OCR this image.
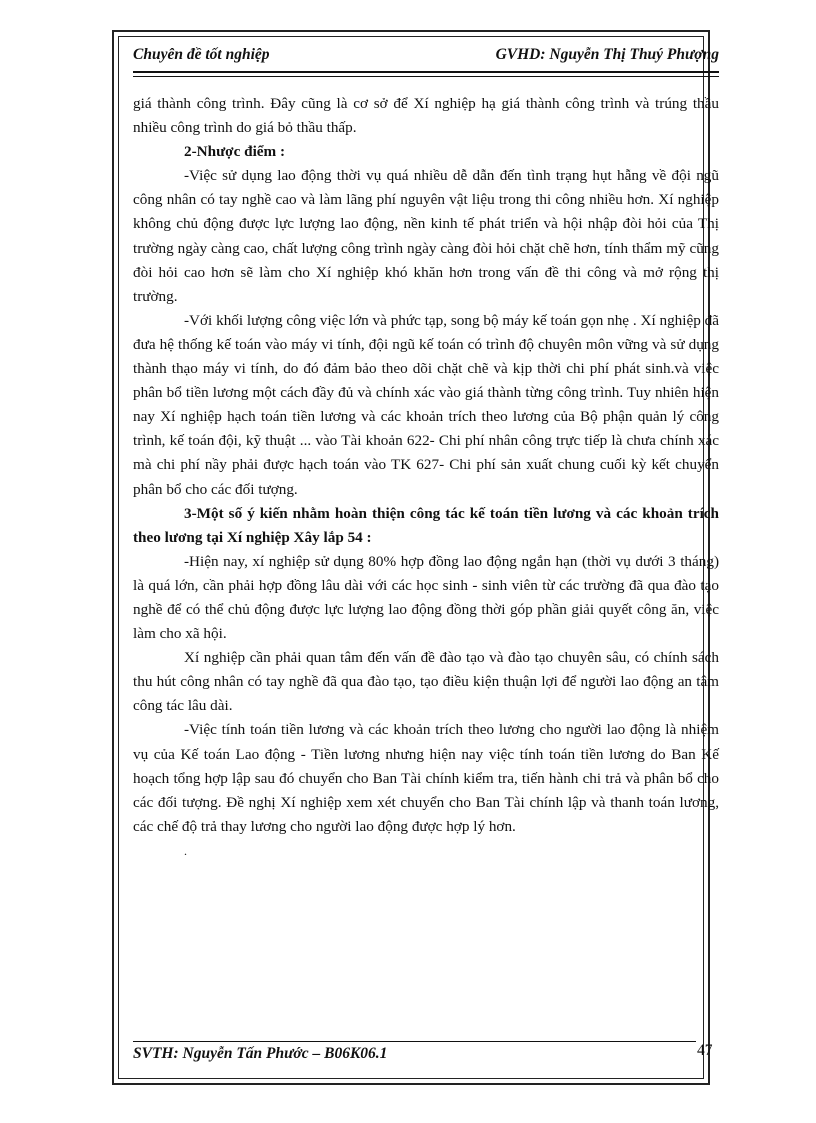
Chuyên đề tốt nghiệp	GVHD: Nguyễn Thị Thuý Phượng

giá thành công trình. Đây cũng là cơ sở để Xí nghiệp hạ giá thành công trình và trúng thầu nhiều công trình do giá bỏ thầu thấp.

2-Nhược điểm :

-Việc sử dụng lao động thời vụ quá nhiều dễ dẫn đến tình trạng hụt hẫng về đội ngũ công nhân có tay nghề cao và làm lãng phí nguyên vật liệu trong thi công nhiều hơn. Xí nghiệp không chủ động được lực lượng lao động, nền kinh tế phát triển và hội nhập đòi hỏi của Thị trường ngày càng cao, chất lượng công trình ngày càng đòi hỏi chặt chẽ hơn, tính thẩm mỹ cũng đòi hỏi cao hơn sẽ làm cho Xí nghiệp khó khăn hơn trong vấn đề thi công và mở rộng thị trường.

-Với khối lượng công việc lớn và phức tạp, song bộ máy kế toán gọn nhẹ . Xí nghiệp đã đưa hệ thống kế toán vào máy vi tính, đội ngũ kế toán có trình độ chuyên môn vững và sử dụng thành thạo máy vi tính, do đó đảm bảo theo dõi chặt chẽ và kịp thời chi phí phát sinh.và việc phân bổ tiền lương một cách đầy đủ và chính xác vào giá thành từng công trình. Tuy nhiên hiện nay Xí nghiệp hạch toán tiền lương và các khoản trích theo lương của Bộ phận quản lý công trình, kế toán đội, kỹ thuật ... vào Tài khoản 622- Chi phí nhân công trực tiếp là chưa chính xác mà chi phí nầy phải được hạch toán vào TK 627- Chi phí sản xuất chung cuối kỳ kết chuyển phân bổ cho các đối tượng.

3-Một số ý kiến nhằm hoàn thiện công tác kế toán tiền lương và các khoản trích theo lương tại Xí nghiệp Xây lắp 54 :

-Hiện nay, xí nghiệp sử dụng 80% hợp đồng lao động ngắn hạn (thời vụ dưới 3 tháng) là quá lớn, cần phải hợp đồng lâu dài với các học sinh - sinh viên từ các trường đã qua đào tạo nghề để có thể chủ động được lực lượng lao động đồng thời góp phần giải quyết công ăn, việc làm cho xã hội.

Xí nghiệp cần phải quan tâm đến vấn đề đào tạo và đào tạo chuyên sâu, có chính sách thu hút công nhân có tay nghề đã qua đào tạo, tạo điều kiện thuận lợi để người lao động an tâm công tác lâu dài.

-Việc tính toán tiền lương và các khoản trích theo lương cho người lao động là nhiệm vụ của Kế toán Lao động - Tiền lương nhưng hiện nay việc tính toán tiền lương do Ban Kế hoạch tổng hợp lập sau đó chuyển cho Ban Tài chính kiểm tra, tiến hành chi trả và phân bổ cho các đối tượng. Đề nghị Xí nghiệp xem xét chuyển cho Ban Tài chính lập và thanh toán lương, các chế độ trả thay lương cho người lao động được hợp lý hơn.

.
SVTH: Nguyễn Tấn Phước – B06K06.1	47
